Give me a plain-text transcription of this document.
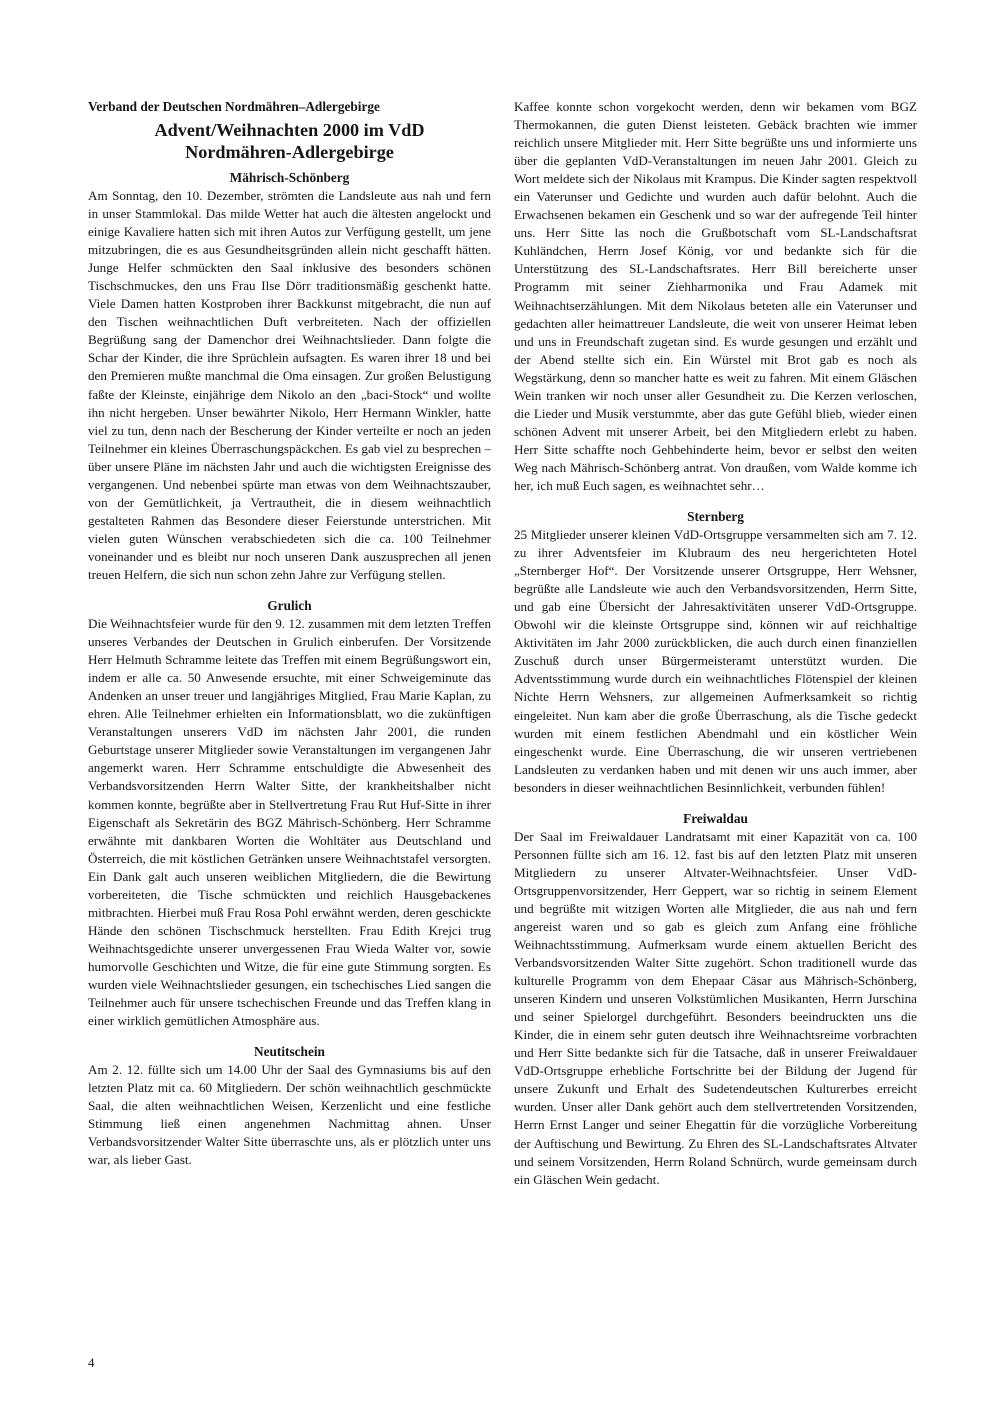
Verband der Deutschen Nordmähren–Adlergebirge
Advent/Weihnachten 2000 im VdD
Nordmähren-Adlergebirge
Mährisch-Schönberg

Am Sonntag, den 10. Dezember, strömten die Landsleute aus nah und fern in unser Stammlokal. Das milde Wetter hat auch die ältesten angelockt und einige Kavaliere hatten sich mit ihren Autos zur Verfügung gestellt, um jene mitzubringen, die es aus Gesundheitsgründen allein nicht geschafft hätten. Junge Helfer schmückten den Saal inklusive des besonders schönen Tischschmuckes, den uns Frau Ilse Dörr traditionsmäßig geschenkt hatte. Viele Damen hatten Kostproben ihrer Backkunst mitgebracht, die nun auf den Tischen weihnachtlichen Duft verbreiteten. Nach der offiziellen Begrüßung sang der Damenchor drei Weihnachtslieder. Dann folgte die Schar der Kinder, die ihre Sprüchlein aufsagten. Es waren ihrer 18 und bei den Premieren mußte manchmal die Oma einsagen. Zur großen Belustigung faßte der Kleinste, einjährige dem Nikolo an den „baci-Stock“ und wollte ihn nicht hergeben. Unser bewährter Nikolo, Herr Hermann Winkler, hatte viel zu tun, denn nach der Bescherung der Kinder verteilte er noch an jeden Teilnehmer ein kleines Überraschungspäckchen. Es gab viel zu besprechen – über unsere Pläne im nächsten Jahr und auch die wichtigsten Ereignisse des vergangenen. Und nebenbei spürte man etwas von dem Weihnachtszauber, von der Gemütlichkeit, ja Vertrautheit, die in diesem weihnachtlich gestalteten Rahmen das Besondere dieser Feierstunde unterstrichen. Mit vielen guten Wünschen verabschiedeten sich die ca. 100 Teilnehmer voneinander und es bleibt nur noch unseren Dank auszusprechen all jenen treuen Helfern, die sich nun schon zehn Jahre zur Verfügung stellen.

Grulich

Die Weihnachtsfeier wurde für den 9. 12. zusammen mit dem letzten Treffen unseres Verbandes der Deutschen in Grulich einberufen. Der Vorsitzende Herr Helmuth Schramme leitete das Treffen mit einem Begrüßungswort ein, indem er alle ca. 50 Anwesende ersuchte, mit einer Schweigeminute das Andenken an unser treuer und langjähriges Mitglied, Frau Marie Kaplan, zu ehren. Alle Teilnehmer erhielten ein Informationsblatt, wo die zukünftigen Veranstaltungen unserers VdD im nächsten Jahr 2001, die runden Geburtstage unserer Mitglieder sowie Veranstaltungen im vergangenen Jahr angemerkt waren. Herr Schramme entschuldigte die Abwesenheit des Verbandsvorsitzenden Herrn Walter Sitte, der krankheitshalber nicht kommen konnte, begrüßte aber in Stellvertretung Frau Rut Huf-Sitte in ihrer Eigenschaft als Sekretärin des BGZ Mährisch-Schönberg. Herr Schramme erwähnte mit dankbaren Worten die Wohltäter aus Deutschland und Österreich, die mit köstlichen Getränken unsere Weihnachtstafel versorgten. Ein Dank galt auch unseren weiblichen Mitgliedern, die die Bewirtung vorbereiteten, die Tische schmückten und reichlich Hausgebackenes mitbrachten. Hierbei muß Frau Rosa Pohl erwähnt werden, deren geschickte Hände den schönen Tischschmuck herstellten. Frau Edith Krejci trug Weihnachtsgedichte unserer unvergessenen Frau Wieda Walter vor, sowie humorvolle Geschichten und Witze, die für eine gute Stimmung sorgten. Es wurden viele Weihnachtslieder gesungen, ein tschechisches Lied sangen die Teilnehmer auch für unsere tschechischen Freunde und das Treffen klang in einer wirklich gemütlichen Atmosphäre aus.

Neutitschein

Am 2. 12. füllte sich um 14.00 Uhr der Saal des Gymnasiums bis auf den letzten Platz mit ca. 60 Mitgliedern. Der schön weihnachtlich geschmückte Saal, die alten weihnachtlichen Weisen, Kerzenlicht und eine festliche Stimmung ließ einen angenehmen Nachmittag ahnen. Unser Verbandsvorsitzender Walter Sitte überraschte uns, als er plötzlich unter uns war, als lieber Gast.

Kaffee konnte schon vorgekocht werden, denn wir bekamen vom BGZ Thermokannen, die guten Dienst leisteten. Gebäck brachten wie immer reichlich unsere Mitglieder mit. Herr Sitte begrüßte uns und informierte uns über die geplanten VdD-Veranstaltungen im neuen Jahr 2001. Gleich zu Wort meldete sich der Nikolaus mit Krampus. Die Kinder sagten respektvoll ein Vaterunser und Gedichte und wurden auch dafür belohnt. Auch die Erwachsenen bekamen ein Geschenk und so war der aufregende Teil hinter uns. Herr Sitte las noch die Grußbotschaft vom SL-Landschaftsrat Kuhländchen, Herrn Josef König, vor und bedankte sich für die Unterstützung des SL-Landschaftsrates. Herr Bill bereicherte unser Programm mit seiner Ziehharmonika und Frau Adamek mit Weihnachtserzählungen. Mit dem Nikolaus beteten alle ein Vaterunser und gedachten aller heimattreuer Landsleute, die weit von unserer Heimat leben und uns in Freundschaft zugetan sind. Es wurde gesungen und erzählt und der Abend stellte sich ein. Ein Würstel mit Brot gab es noch als Wegstärkung, denn so mancher hatte es weit zu fahren. Mit einem Gläschen Wein tranken wir noch unser aller Gesundheit zu. Die Kerzen verloschen, die Lieder und Musik verstummte, aber das gute Gefühl blieb, wieder einen schönen Advent mit unserer Arbeit, bei den Mitgliedern erlebt zu haben. Herr Sitte schaffte noch Gehbehinderte heim, bevor er selbst den weiten Weg nach Mährisch-Schönberg antrat. Von draußen, vom Walde komme ich her, ich muß Euch sagen, es weihnachtet sehr…

Sternberg

25 Mitglieder unserer kleinen VdD-Ortsgruppe versammelten sich am 7. 12. zu ihrer Adventsfeier im Klubraum des neu hergerichteten Hotel „Sternberger Hof“. Der Vorsitzende unserer Ortsgruppe, Herr Wehsner, begrüßte alle Landsleute wie auch den Verbandsvorsitzenden, Herrn Sitte, und gab eine Übersicht der Jahresaktivitäten unserer VdD-Ortsgruppe. Obwohl wir die kleinste Ortsgruppe sind, können wir auf reichhaltige Aktivitäten im Jahr 2000 zurückblicken, die auch durch einen finanziellen Zuschuß durch unser Bürgermeisteramt unterstützt wurden. Die Adventsstimmung wurde durch ein weihnachtliches Flötenspiel der kleinen Nichte Herrn Wehsners, zur allgemeinen Aufmerksamkeit so richtig eingeleitet. Nun kam aber die große Überraschung, als die Tische gedeckt wurden mit einem festlichen Abendmahl und ein köstlicher Wein eingeschenkt wurde. Eine Überraschung, die wir unseren vertriebenen Landsleuten zu verdanken haben und mit denen wir uns auch immer, aber besonders in dieser weihnachtlichen Besinnlichkeit, verbunden fühlen!

Freiwaldau

Der Saal im Freiwaldauer Landratsamt mit einer Kapazität von ca. 100 Personnen füllte sich am 16. 12. fast bis auf den letzten Platz mit unseren Mitgliedern zu unserer Altvater-Weihnachtsfeier. Unser VdD-Ortsgruppenvorsitzender, Herr Geppert, war so richtig in seinem Element und begrüßte mit witzigen Worten alle Mitglieder, die aus nah und fern angereist waren und so gab es gleich zum Anfang eine fröhliche Weihnachtsstimmung. Aufmerksam wurde einem aktuellen Bericht des Verbandsvorsitzenden Walter Sitte zugehört. Schon traditionell wurde das kulturelle Programm von dem Ehepaar Cäsar aus Mährisch-Schönberg, unseren Kindern und unseren Volkstümlichen Musikanten, Herrn Jurschina und seiner Spielorgel durchgeführt. Besonders beeindruckten uns die Kinder, die in einem sehr guten deutsch ihre Weihnachtsreime vorbrachten und Herr Sitte bedankte sich für die Tatsache, daß in unserer Freiwaldauer VdD-Ortsgruppe erhebliche Fortschritte bei der Bildung der Jugend für unsere Zukunft und Erhalt des Sudetendeutschen Kulturerbes erreicht wurden. Unser aller Dank gehört auch dem stellvertretenden Vorsitzenden, Herrn Ernst Langer und seiner Ehegattin für die vorzügliche Vorbereitung der Auftischung und Bewirtung. Zu Ehren des SL-Landschaftsrates Altvater und seinem Vorsitzenden, Herrn Roland Schnürch, wurde gemeinsam durch ein Gläschen Wein gedacht.

4
